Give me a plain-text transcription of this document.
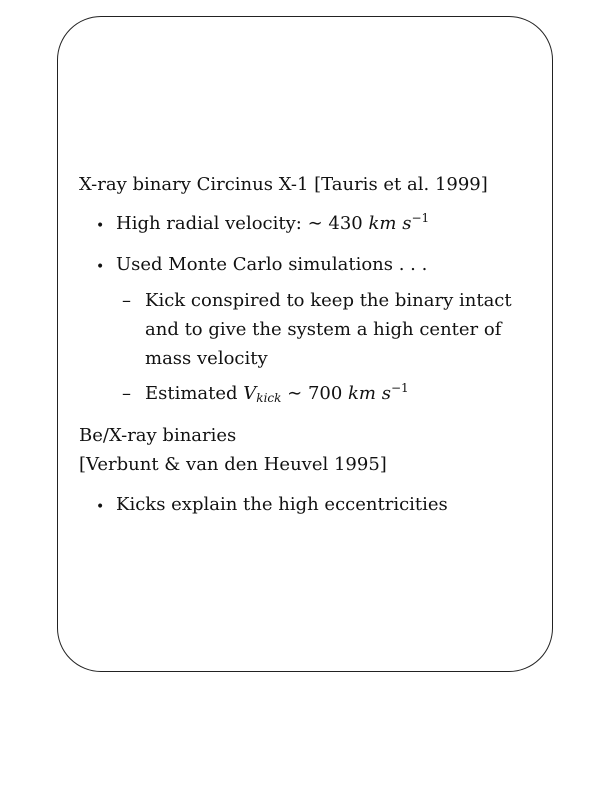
X-ray binary Circinus X-1 [Tauris et al. 1999]
• High radial velocity: ∼ 430 km $s^{-1}$
• Used Monte Carlo simulations . . .
– Kick conspired to keep the binary intact
and to give the system a high center of
mass velocity
– Estimated $V_{kick}$ ∼ 700 km $s^{-1}$
Be/X-ray binaries
[Verbunt & van den Heuvel 1995]
• Kicks explain the high eccentricities
